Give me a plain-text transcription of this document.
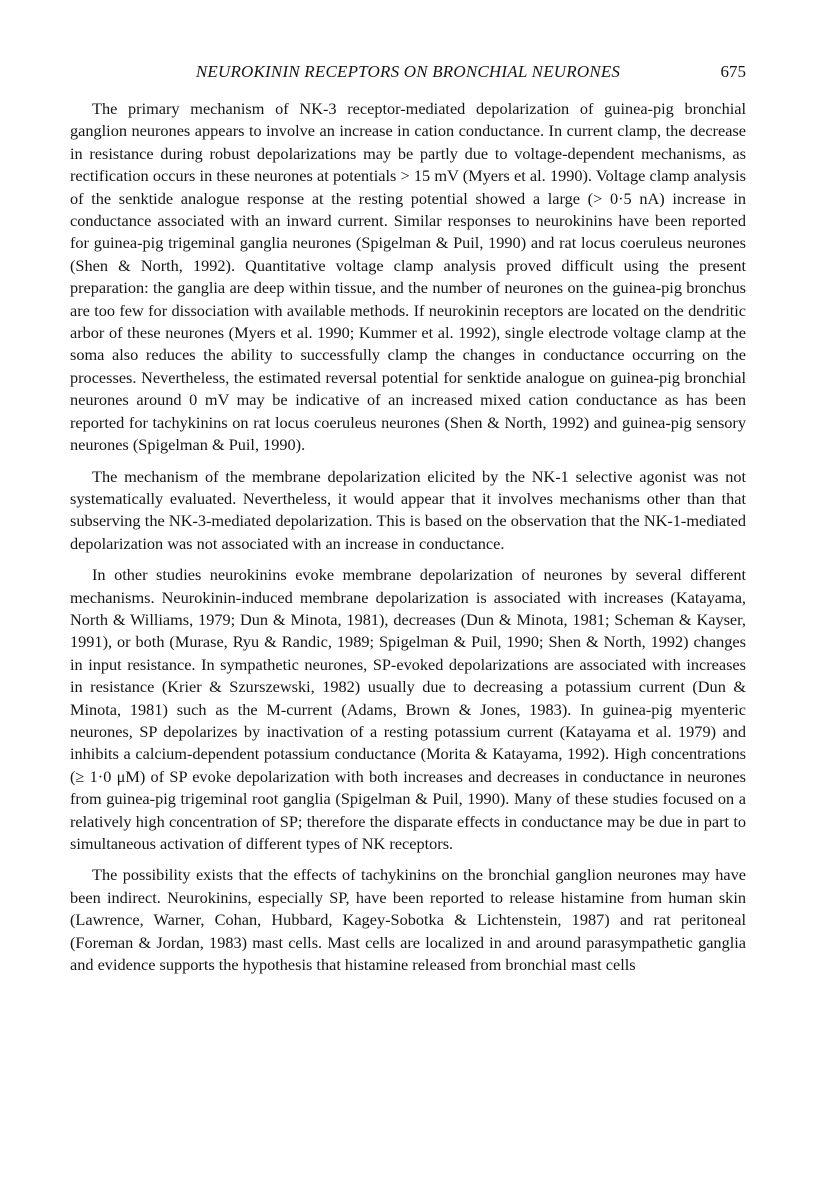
NEUROKININ RECEPTORS ON BRONCHIAL NEURONES	675

The primary mechanism of NK-3 receptor-mediated depolarization of guinea-pig bronchial ganglion neurones appears to involve an increase in cation conductance. In current clamp, the decrease in resistance during robust depolarizations may be partly due to voltage-dependent mechanisms, as rectification occurs in these neurones at potentials > 15 mV (Myers et al. 1990). Voltage clamp analysis of the senktide analogue response at the resting potential showed a large (> 0·5 nA) increase in conductance associated with an inward current. Similar responses to neurokinins have been reported for guinea-pig trigeminal ganglia neurones (Spigelman & Puil, 1990) and rat locus coeruleus neurones (Shen & North, 1992). Quantitative voltage clamp analysis proved difficult using the present preparation: the ganglia are deep within tissue, and the number of neurones on the guinea-pig bronchus are too few for dissociation with available methods. If neurokinin receptors are located on the dendritic arbor of these neurones (Myers et al. 1990; Kummer et al. 1992), single electrode voltage clamp at the soma also reduces the ability to successfully clamp the changes in conductance occurring on the processes. Nevertheless, the estimated reversal potential for senktide analogue on guinea-pig bronchial neurones around 0 mV may be indicative of an increased mixed cation conductance as has been reported for tachykinins on rat locus coeruleus neurones (Shen & North, 1992) and guinea-pig sensory neurones (Spigelman & Puil, 1990).

The mechanism of the membrane depolarization elicited by the NK-1 selective agonist was not systematically evaluated. Nevertheless, it would appear that it involves mechanisms other than that subserving the NK-3-mediated depolarization. This is based on the observation that the NK-1-mediated depolarization was not associated with an increase in conductance.

In other studies neurokinins evoke membrane depolarization of neurones by several different mechanisms. Neurokinin-induced membrane depolarization is associated with increases (Katayama, North & Williams, 1979; Dun & Minota, 1981), decreases (Dun & Minota, 1981; Scheman & Kayser, 1991), or both (Murase, Ryu & Randic, 1989; Spigelman & Puil, 1990; Shen & North, 1992) changes in input resistance. In sympathetic neurones, SP-evoked depolarizations are associated with increases in resistance (Krier & Szurszewski, 1982) usually due to decreasing a potassium current (Dun & Minota, 1981) such as the M-current (Adams, Brown & Jones, 1983). In guinea-pig myenteric neurones, SP depolarizes by inactivation of a resting potassium current (Katayama et al. 1979) and inhibits a calcium-dependent potassium conductance (Morita & Katayama, 1992). High concentrations (≥ 1·0 μM) of SP evoke depolarization with both increases and decreases in conductance in neurones from guinea-pig trigeminal root ganglia (Spigelman & Puil, 1990). Many of these studies focused on a relatively high concentration of SP; therefore the disparate effects in conductance may be due in part to simultaneous activation of different types of NK receptors.

The possibility exists that the effects of tachykinins on the bronchial ganglion neurones may have been indirect. Neurokinins, especially SP, have been reported to release histamine from human skin (Lawrence, Warner, Cohan, Hubbard, Kagey-Sobotka & Lichtenstein, 1987) and rat peritoneal (Foreman & Jordan, 1983) mast cells. Mast cells are localized in and around parasympathetic ganglia and evidence supports the hypothesis that histamine released from bronchial mast cells
